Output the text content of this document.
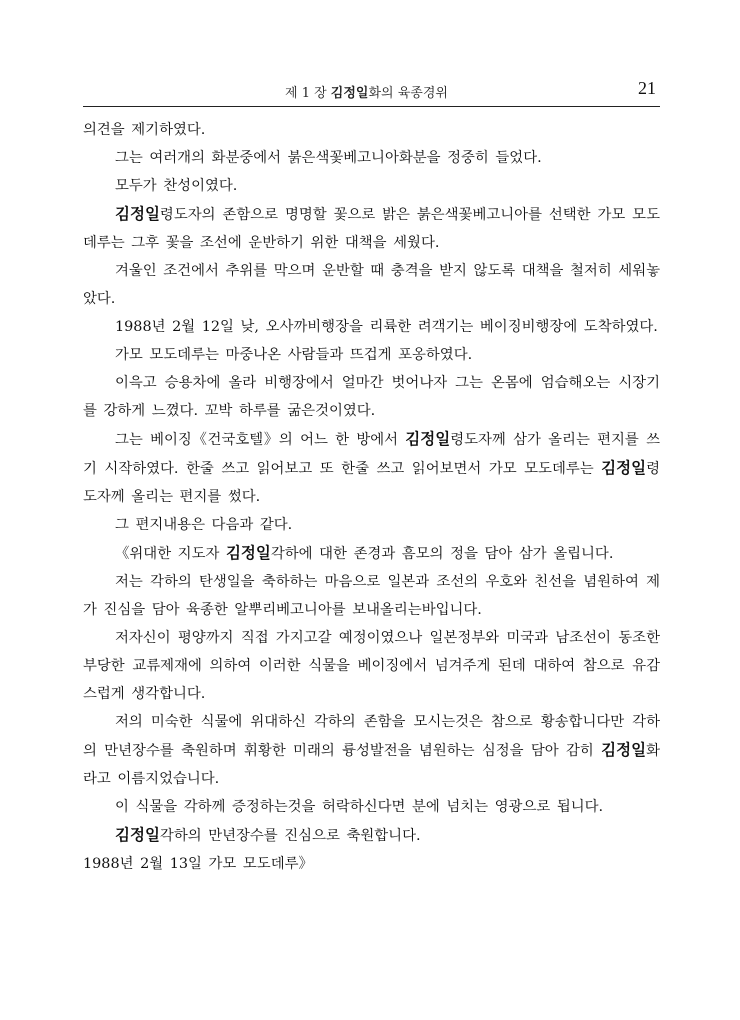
제 1 장 김정일화의 육종경위	21

의견을 제기하였다.

그는 여러개의 화분중에서 붉은색꽃베고니아화분을 정중히 들었다.

모두가 찬성이였다.

김정일령도자의 존함으로 명명할 꽃으로 밝은 붉은색꽃베고니아를 선택한 가모 모도데루는 그후 꽃을 조선에 운반하기 위한 대책을 세웠다.

겨울인 조건에서 추위를 막으며 운반할 때 충격을 받지 않도록 대책을 철저히 세워놓았다.

1988년 2월 12일 낮, 오사까비행장을 리륙한 려객기는 베이징비행장에 도착하였다.

가모 모도데루는 마중나온 사람들과 뜨겁게 포옹하였다.

이윽고 승용차에 올라 비행장에서 얼마간 벗어나자 그는 온몸에 엄습해오는 시장기를 강하게 느꼈다. 꼬박 하루를 굶은것이였다.

그는 베이징《건국호텔》의 어느 한 방에서 김정일령도자께 삼가 올리는 편지를 쓰기 시작하였다. 한줄 쓰고 읽어보고 또 한줄 쓰고 읽어보면서 가모 모도데루는 김정일령도자께 올리는 편지를 썼다.

그 편지내용은 다음과 같다.

《위대한 지도자 김정일각하에 대한 존경과 흠모의 정을 담아 삼가 올립니다.

저는 각하의 탄생일을 축하하는 마음으로 일본과 조선의 우호와 친선을 념원하여 제가 진심을 담아 육종한 알뿌리베고니아를 보내올리는바입니다.

저자신이 평양까지 직접 가지고갈 예정이였으나 일본정부와 미국과 남조선이 동조한 부당한 교류제재에 의하여 이러한 식물을 베이징에서 넘겨주게 된데 대하여 참으로 유감스럽게 생각합니다.

저의 미숙한 식물에 위대하신 각하의 존함을 모시는것은 참으로 황송합니다만 각하의 만년장수를 축원하며 휘황한 미래의 륭성발전을 념원하는 심정을 담아 감히 김정일화라고 이름지었습니다.

이 식물을 각하께 증정하는것을 허락하신다면 분에 넘치는 영광으로 됩니다.

김정일각하의 만년장수를 진심으로 축원합니다.

1988년 2월 13일 가모 모도데루》
